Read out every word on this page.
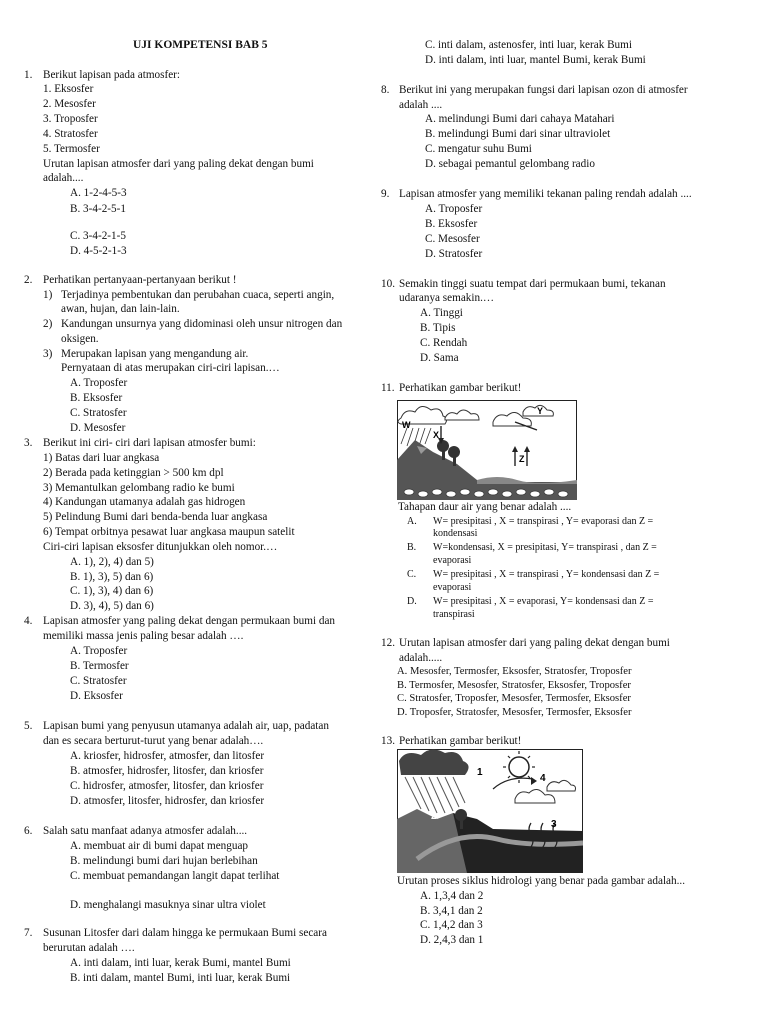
UJI KOMPETENSI BAB 5
1. Berikut lapisan pada atmosfer:
1. Eksosfer
2. Mesosfer
3. Troposfer
4. Stratosfer
5. Termosfer
Urutan lapisan atmosfer dari yang paling dekat dengan bumi
adalah....
A. 1-2-4-5-3
B. 3-4-2-5-1
C. 3-4-2-1-5
D. 4-5-2-1-3
2. Perhatikan pertanyaan-pertanyaan berikut !
1) Terjadinya pembentukan dan perubahan cuaca, seperti angin,
awan, hujan, dan lain-lain.
2) Kandungan unsurnya yang didominasi oleh unsur nitrogen dan
oksigen.
3) Merupakan lapisan yang mengandung air.
Pernyataan di atas merupakan ciri-ciri lapisan.…
A. Troposfer
B. Eksosfer
C. Stratosfer
D. Mesosfer
3. Berikut ini ciri- ciri dari lapisan atmosfer bumi:
1) Batas dari luar angkasa
2) Berada pada ketinggian > 500 km dpl
3) Memantulkan gelombang radio ke bumi
4) Kandungan utamanya adalah gas hidrogen
5) Pelindung Bumi dari benda-benda luar angkasa
6) Tempat orbitnya pesawat luar angkasa maupun satelit
Ciri-ciri lapisan eksosfer ditunjukkan oleh nomor.…
A. 1), 2), 4) dan 5)
B. 1), 3), 5) dan 6)
C. 1), 3), 4) dan 6)
D. 3), 4), 5) dan 6)
4. Lapisan atmosfer yang paling dekat dengan permukaan bumi dan
memiliki massa jenis paling besar adalah ….
A. Troposfer
B. Termosfer
C. Stratosfer
D. Eksosfer
5. Lapisan bumi yang penyusun utamanya adalah air, uap, padatan
dan es secara berturut-turut yang benar adalah….
A. kriosfer, hidrosfer, atmosfer, dan litosfer
B. atmosfer, hidrosfer, litosfer, dan kriosfer
C. hidrosfer, atmosfer, litosfer, dan kriosfer
D. atmosfer, litosfer, hidrosfer, dan kriosfer
6. Salah satu manfaat adanya atmosfer adalah....
A. membuat air di bumi dapat menguap
B. melindungi bumi dari hujan berlebihan
C. membuat pemandangan langit dapat terlihat
D. menghalangi masuknya sinar ultra violet
7. Susunan Litosfer dari dalam hingga ke permukaan Bumi secara
berurutan adalah ….
A. inti dalam, inti luar, kerak Bumi, mantel Bumi
B. inti dalam, mantel Bumi, inti luar, kerak Bumi
C. inti dalam, astenosfer, inti luar, kerak Bumi
D. inti dalam, inti luar, mantel Bumi, kerak Bumi
8. Berikut ini yang merupakan fungsi dari lapisan ozon di atmosfer
adalah ....
A. melindungi Bumi dari cahaya Matahari
B. melindungi Bumi dari sinar ultraviolet
C. mengatur suhu Bumi
D. sebagai pemantul gelombang radio
9. Lapisan atmosfer yang memiliki tekanan paling rendah adalah ....
A. Troposfer
B. Eksosfer
C. Mesosfer
D. Stratosfer
10. Semakin tinggi suatu tempat dari permukaan bumi, tekanan
udaranya semakin.…
A. Tinggi
B. Tipis
C. Rendah
D. Sama
11. Perhatikan gambar berikut!
W
X
Y
Z
Tahapan daur air yang benar adalah ....
A. W= presipitasi , X = transpirasi , Y= evaporasi dan Z =
kondensasi
B. W=kondensasi, X = presipitasi, Y= transpirasi , dan Z =
evaporasi
C. W= presipitasi , X = transpirasi , Y= kondensasi dan Z =
evaporasi
D. W= presipitasi , X = evaporasi, Y= kondensasi dan Z =
transpirasi
12. Urutan lapisan atmosfer dari yang paling dekat dengan bumi
adalah.....
A. Mesosfer, Termosfer, Eksosfer, Stratosfer, Troposfer
B. Termosfer, Mesosfer, Stratosfer, Eksosfer, Troposfer
C. Stratosfer, Troposfer, Mesosfer, Termosfer, Eksosfer
D. Troposfer, Stratosfer, Mesosfer, Termosfer, Eksosfer
13. Perhatikan gambar berikut!
1
2
3
4
Urutan proses siklus hidrologi yang benar pada gambar adalah...
A. 1,3,4 dan 2
B. 3,4,1 dan 2
C. 1,4,2 dan 3
D. 2,4,3 dan 1
